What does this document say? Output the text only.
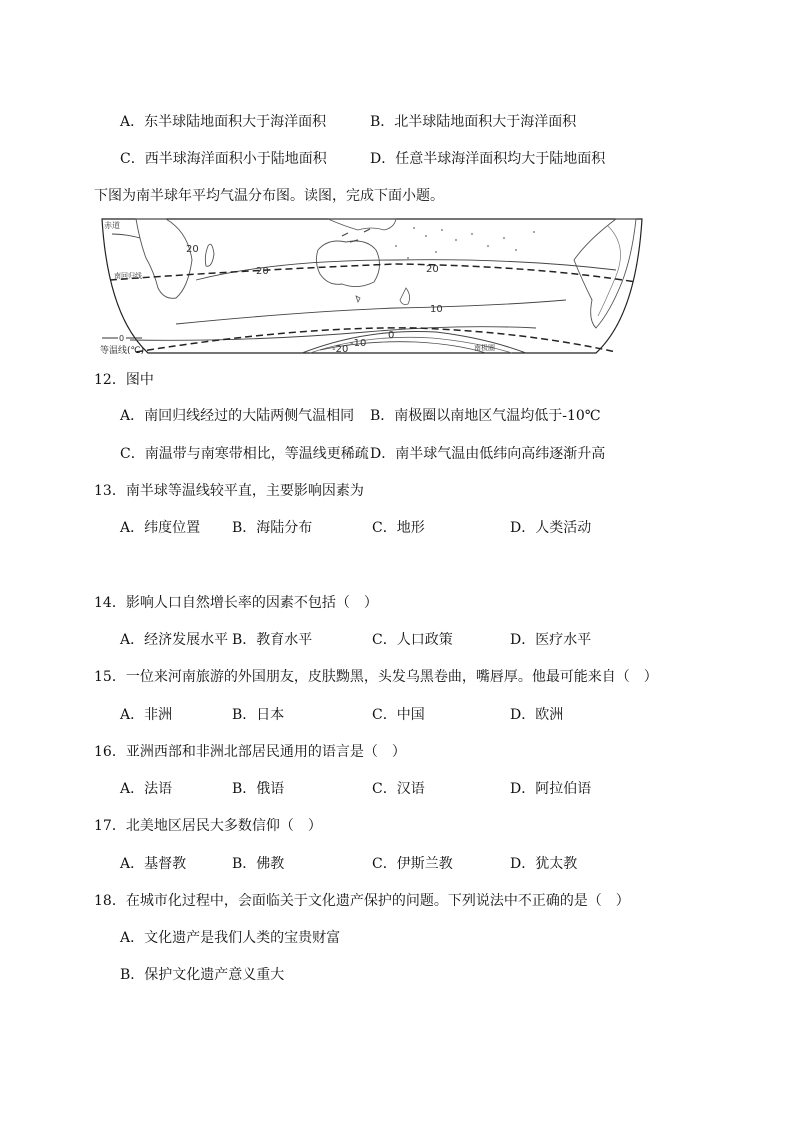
A．东半球陆地面积大于海洋面积	B．北半球陆地面积大于海洋面积
C．西半球海洋面积小于陆地面积	D．任意半球海洋面积均大于陆地面积
下图为南半球年平均气温分布图。读图，完成下面小题。
赤道
南回归线
南极圈
20
20	20
10
0
-10
-20
0
等温线(℃)
12．图中
A．南回归线经过的大陆两侧气温相同 B．南极圈以南地区气温均低于-10℃
C．南温带与南寒带相比，等温线更稀疏 D．南半球气温由低纬向高纬逐渐升高
13．南半球等温线较平直，主要影响因素为
A．纬度位置 B．海陆分布	C．地形	D．人类活动
14．影响人口自然增长率的因素不包括（　）
A．经济发展水平 B．教育水平	C．人口政策	D．医疗水平
15．一位来河南旅游的外国朋友，皮肤黝黑，头发乌黑卷曲，嘴唇厚。他最可能来自（　）
A．非洲	B．日本	C．中国	D．欧洲
16．亚洲西部和非洲北部居民通用的语言是（　）
A．法语	B．俄语	C．汉语	D．阿拉伯语
17．北美地区居民大多数信仰（　）
A．基督教	B．佛教	C．伊斯兰教	D．犹太教
18．在城市化过程中，会面临关于文化遗产保护的问题。下列说法中不正确的是（　）
A．文化遗产是我们人类的宝贵财富
B．保护文化遗产意义重大
